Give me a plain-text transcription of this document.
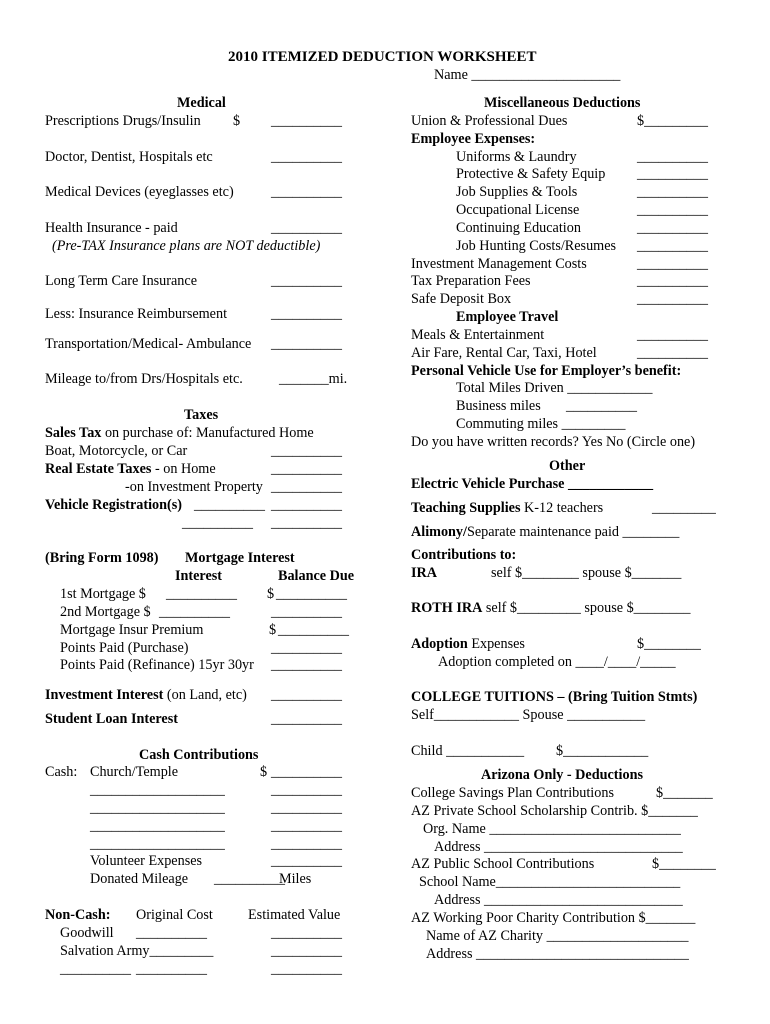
2010 ITEMIZED DEDUCTION WORKSHEET
Name _____________________
Medical
Prescriptions Drugs/Insulin $ __________
Doctor, Dentist, Hospitals etc	__________
Medical Devices (eyeglasses etc)	__________
Health Insurance - paid	__________
(Pre-TAX Insurance plans are NOT deductible)
Long Term Care Insurance	__________
Less: Insurance Reimbursement	__________
Transportation/Medical- Ambulance __________
Mileage to/from Drs/Hospitals etc.	_______mi.
Taxes
Sales Tax on purchase of: Manufactured Home
Boat, Motorcycle, or Car	__________
Real Estate Taxes - on Home	__________
-on Investment Property __________
Vehicle Registration(s) __________ __________
__________ __________
(Bring Form 1098) Mortgage Interest
Interest	Balance Due
1st Mortgage $ __________ $ __________
2nd Mortgage $ __________	__________
Mortgage Insur Premium	$ __________
Points Paid (Purchase)	__________
Points Paid (Refinance) 15yr 30yr __________
Investment Interest (on Land, etc) __________
Student Loan Interest	__________
Cash Contributions
Cash: Church/Temple	$ __________
___________________	__________
___________________	__________
___________________	__________
___________________	__________
Volunteer Expenses	__________
Donated Mileage __________
Miles
Non-Cash: Original Cost Estimated Value
Goodwill __________	__________
Salvation Army_________	__________
__________ __________	__________
Miscellaneous Deductions
Union & Professional Dues	$_________
Employee Expenses:
Uniforms & Laundry	__________
Protective & Safety Equip __________
Job Supplies & Tools	__________
Occupational License	__________
Continuing Education	__________
Job Hunting Costs/Resumes __________
Investment Management Costs	__________
Tax Preparation Fees	__________
Safe Deposit Box	__________
Employee Travel
Meals & Entertainment	__________
Air Fare, Rental Car, Taxi, Hotel	__________
Personal Vehicle Use for Employer’s benefit:
Total Miles Driven ____________
Business miles __________
Commuting miles _________
Do you have written records? Yes No (Circle one)
Other
Electric Vehicle Purchase ____________
Teaching Supplies K-12 teachers	_________
Alimony/Separate maintenance paid ________
Contributions to:
IRA	self $________ spouse $_______
ROTH IRA self $_________ spouse $________
Adoption Expenses	$________
Adoption completed on ____/____/_____
COLLEGE TUITIONS – (Bring Tuition Stmts)
Self____________ Spouse ___________
Child ___________ $____________
Arizona Only - Deductions
College Savings Plan Contributions	$_______
AZ Private School Scholarship Contrib. $_______
Org. Name ___________________________
Address ____________________________
AZ Public School Contributions	$________
School Name__________________________
Address ____________________________
AZ Working Poor Charity Contribution $_______
Name of AZ Charity ____________________
Address ______________________________
